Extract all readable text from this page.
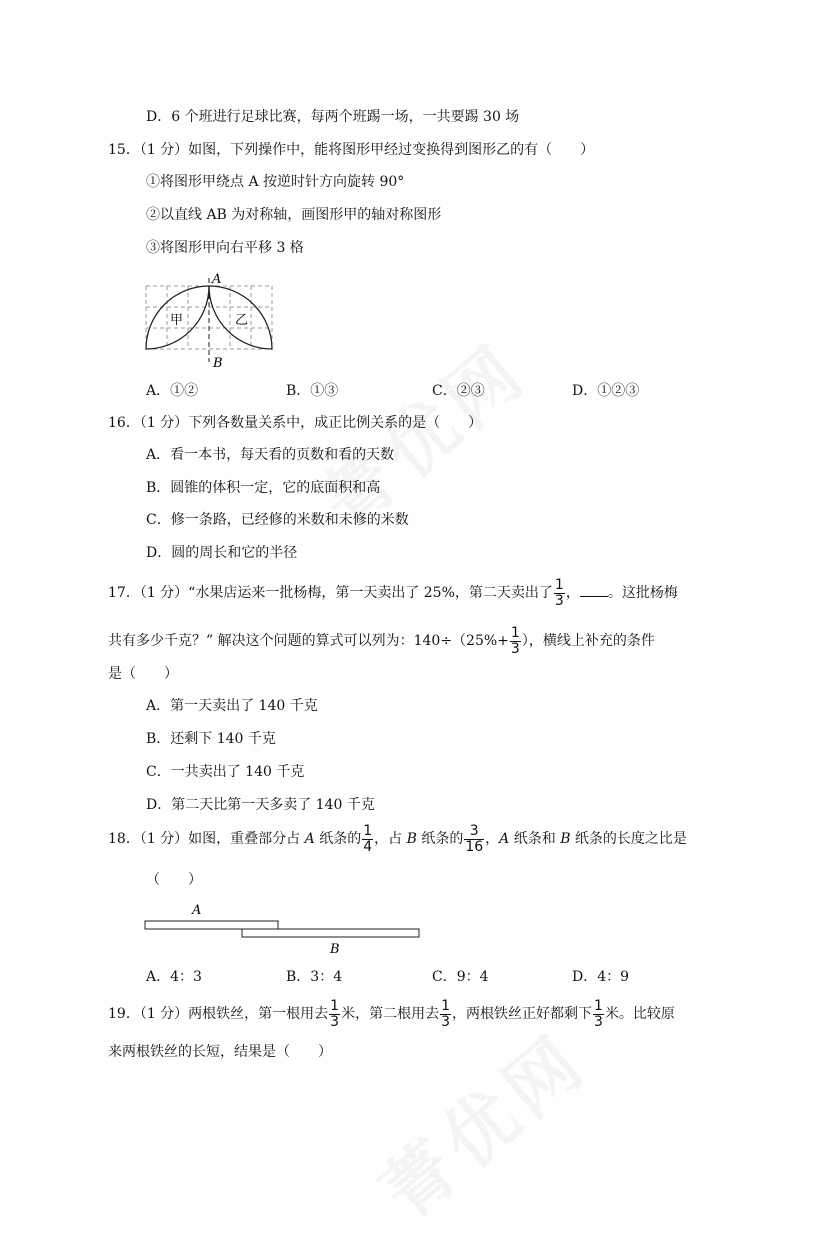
D．6 个班进行足球比赛，每两个班踢一场，一共要踢 30 场
15．（1 分）如图，下列操作中，能将图形甲经过变换得到图形乙的有（　　）
①将图形甲绕点 A 按逆时针方向旋转 90°
②以直线 AB 为对称轴，画图形甲的轴对称图形
③将图形甲向右平移 3 格
A
B
甲	乙
A．①②	B．①③	C．②③	D．①②③
16．（1 分）下列各数量关系中，成正比例关系的是（　　）
A．看一本书，每天看的页数和看的天数
B．圆锥的体积一定，它的底面积和高
C．修一条路，已经修的米数和未修的米数
D．圆的周长和它的半径
17．（1 分）“水果店运来一批杨梅，第一天卖出了 25%，第二天卖出了 $\frac{1}{3}$ ， 。这批杨梅
共有多少千克？” 解决这个问题的算式可以列为：$140\div(25\%+ \frac{1}{3}$ ），横线上补充的条件
是（　　）
A．第一天卖出了 140 千克
B．还剩下 140 千克
C．一共卖出了 140 千克
D．第二天比第一天多卖了 140 千克
18．（1 分）如图，重叠部分占 A 纸条的 $\frac{1}{4}$ ，占 B 纸条的 $\frac{3}{16}$ ，A 纸条和 B 纸条的长度之比是
（　　）
A
B
A．4：3	B．3：4	C．9：4	D．4：9
19．（1 分）两根铁丝，第一根用去 $\frac{1}{3}$ 米，第二根用去 $\frac{1}{3}$ ，两根铁丝正好都剩下 $\frac{1}{3}$ 米。比较原
来两根铁丝的长短，结果是（　　）
